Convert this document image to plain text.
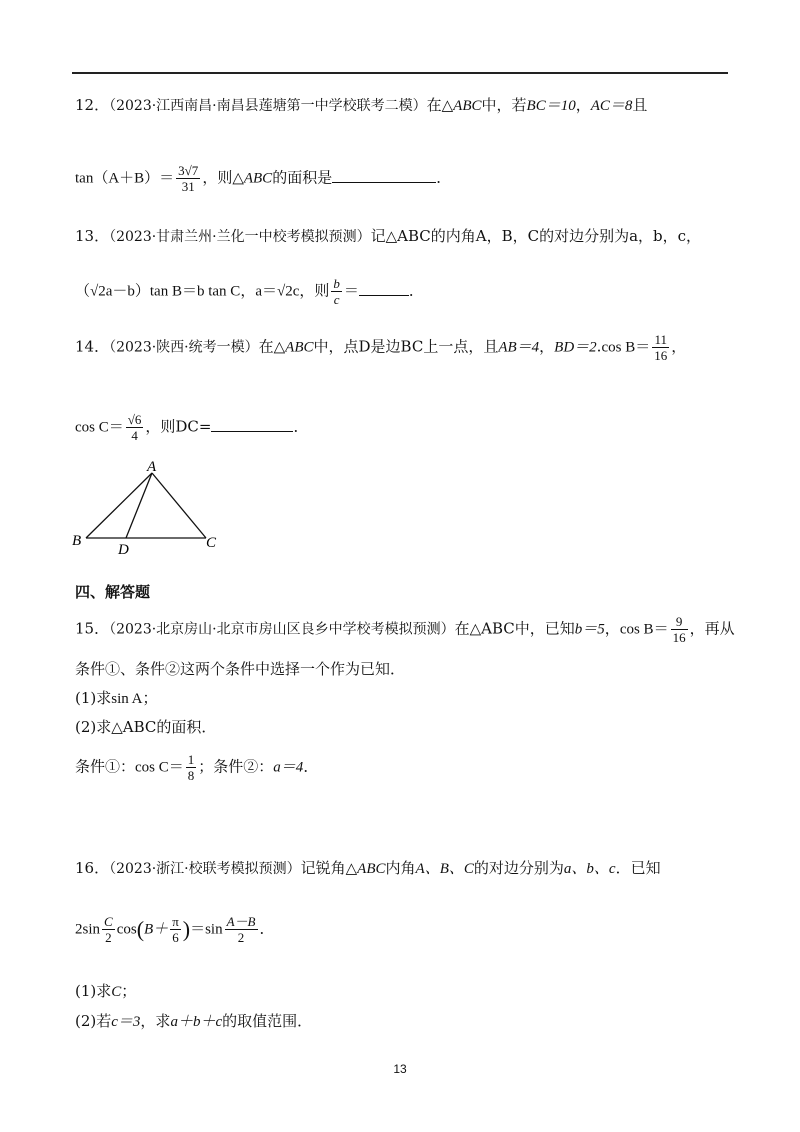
12．（2023·江西南昌·南昌县莲塘第一中学校联考二模）在△ABC中，若BC＝10，AC＝8且
$\tan(A+B)= \frac{3√7}{31}$ ，则△ABC的面积是	．
13．（2023·甘肃兰州·兰化一中校考模拟预测）记△ABC的内角A，B，C的对边分别为a，b，c，
（√2a－b）tan B＝b tan C，a＝√2c，则 $\frac{b}{c}$ ＝	．
14．（2023·陕西·统考一模）在△ABC中，点D是边BC上一点，且AB＝4，BD＝2.cos $B= \frac{11}{16}$ ，
$\cos C= \frac{√6}{4}$ ，则DC=	．
A
B	C
D
四、解答题
15．（2023·北京房山·北京市房山区良乡中学校考模拟预测）在△ABC中，已知b＝5，$\cos B= \frac{9}{16}$ ，再从
条件①、条件②这两个条件中选择一个作为已知．
(1)求sin A；
(2)求△ABC的面积．
条件①：$\cos C= \frac{1}{8}$ ；条件②：a＝4．
16．（2023·浙江·校联考模拟预测）记锐角△ABC内角A、B、C的对边分别为a、b、c．已知
$2\sin \frac{C}{2} \cos(B+ \frac{\pi}{6} )=\sin \frac{A-B}{2}$ ．
(1)求C；
(2)若c＝3，求a＋b＋c的取值范围．
13
